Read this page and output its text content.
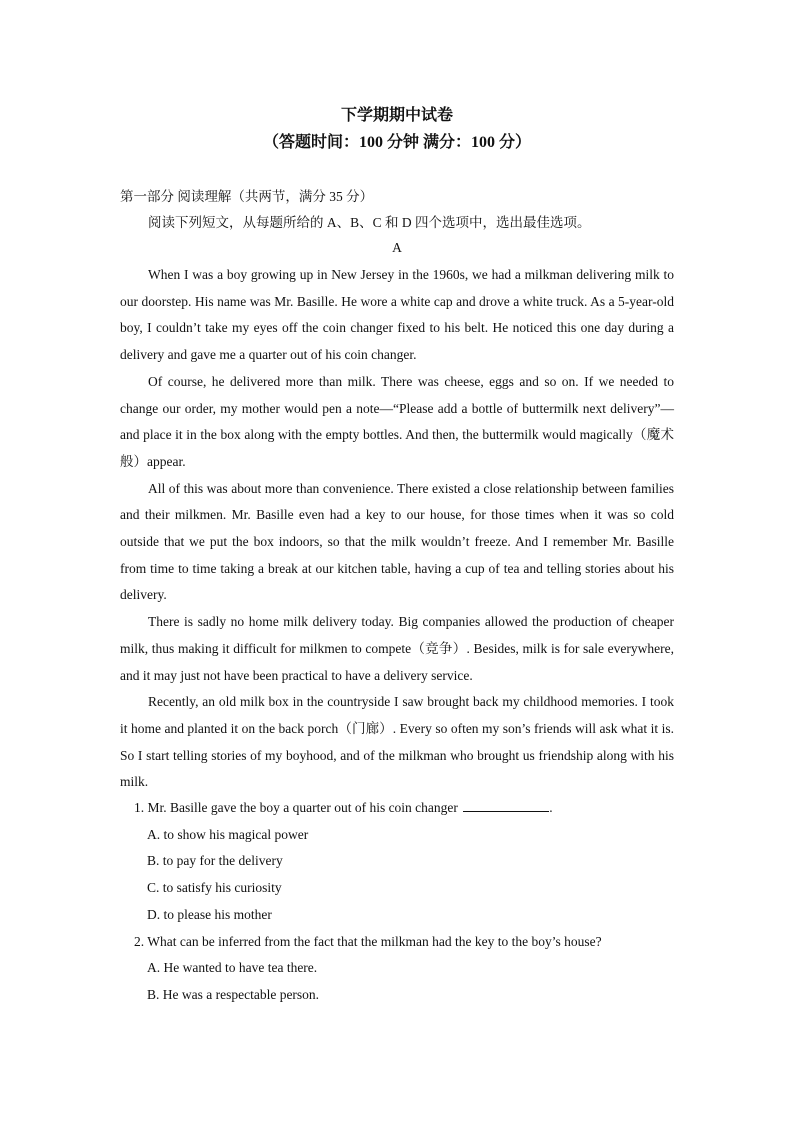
下学期期中试卷
（答题时间：100 分钟 满分：100 分）

第一部分 阅读理解（共两节，满分 35 分）

阅读下列短文，从每题所给的 A、B、C 和 D 四个选项中，选出最佳选项。

A

When I was a boy growing up in New Jersey in the 1960s, we had a milkman delivering milk to our doorstep. His name was Mr. Basille. He wore a white cap and drove a white truck. As a 5-year-old boy, I couldn’t take my eyes off the coin changer fixed to his belt. He noticed this one day during a delivery and gave me a quarter out of his coin changer.

Of course, he delivered more than milk. There was cheese, eggs and so on. If we needed to change our order, my mother would pen a note—“Please add a bottle of buttermilk next delivery”—and place it in the box along with the empty bottles. And then, the buttermilk would magically（魔术般）appear.

All of this was about more than convenience. There existed a close relationship between families and their milkmen. Mr. Basille even had a key to our house, for those times when it was so cold outside that we put the box indoors, so that the milk wouldn’t freeze. And I remember Mr. Basille from time to time taking a break at our kitchen table, having a cup of tea and telling stories about his delivery.

There is sadly no home milk delivery today. Big companies allowed the production of cheaper milk, thus making it difficult for milkmen to compete（竞争）. Besides, milk is for sale everywhere, and it may just not have been practical to have a delivery service.

Recently, an old milk box in the countryside I saw brought back my childhood memories. I took it home and planted it on the back porch（门廊）. Every so often my son’s friends will ask what it is. So I start telling stories of my boyhood, and of the milkman who brought us friendship along with his milk.

1. Mr. Basille gave the boy a quarter out of his coin changer	.

A. to show his magical power
B. to pay for the delivery
C. to satisfy his curiosity
D. to please his mother

2. What can be inferred from the fact that the milkman had the key to the boy’s house?

A. He wanted to have tea there.
B. He was a respectable person.
